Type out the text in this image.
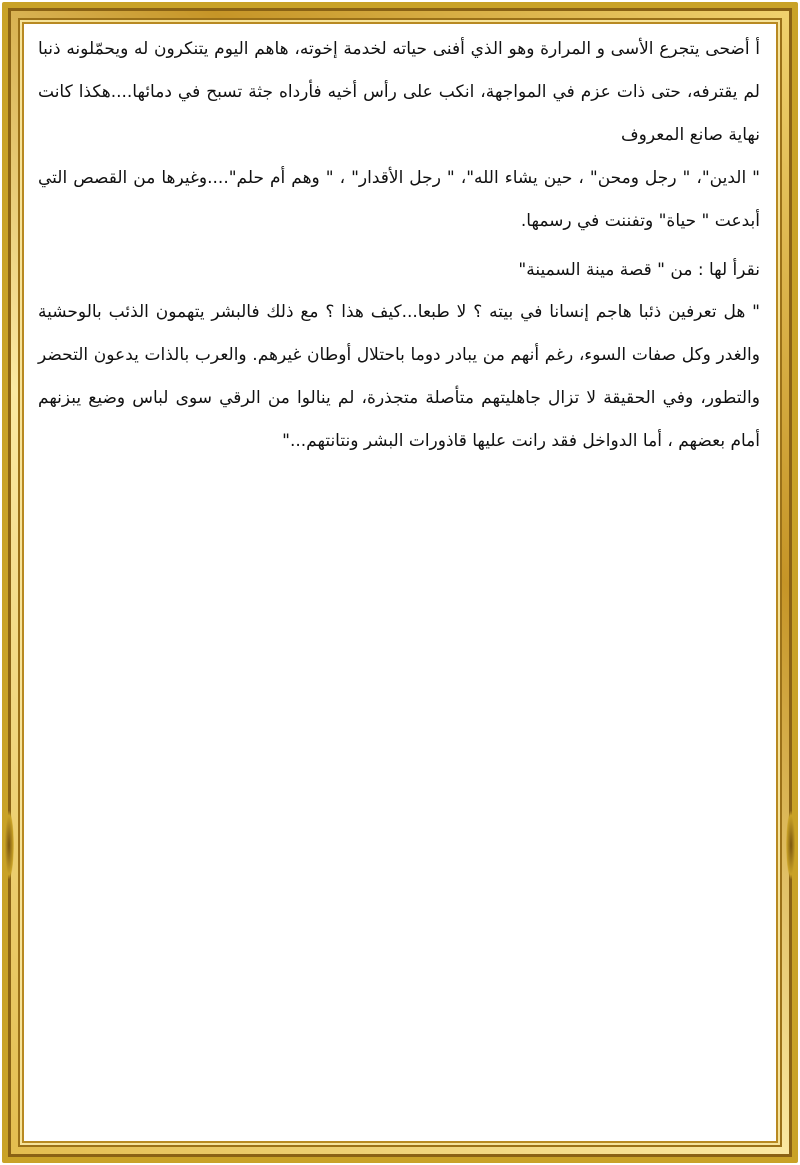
أ أضحى يتجرع الأسى و المرارة وهو الذي أفنى حياته لخدمة إخوته، هاهم اليوم يتنكرون له ويحمّلونه ذنبا لم يقترفه، حتى ذات عزم في المواجهة، انكب على رأس أخيه فأرداه جثة تسبح في دمائها....هكذا كانت نهاية صانع المعروف

" الدين"، " رجل ومحن" ، حين يشاء الله"، " رجل الأقدار" ، " وهم أم حلم"....وغيرها من القصص التي أبدعت " حياة" وتفننت في رسمها.

نقرأ لها : من " قصة مينة السمينة"

" هل تعرفين ذئبا هاجم إنسانا في بيته ؟ لا طبعا...كيف هذا ؟ مع ذلك فالبشر يتهمون الذئب بالوحشية والغدر وكل صفات السوء، رغم أنهم من يبادر دوما باحتلال أوطان غيرهم. والعرب بالذات يدعون التحضر والتطور، وفي الحقيقة لا تزال جاهليتهم متأصلة متجذرة، لم ينالوا من الرقي سوى لباس وضيع يبزنهم أمام بعضهم ، أما الدواخل فقد رانت عليها قاذورات البشر ونتانتهم..."
